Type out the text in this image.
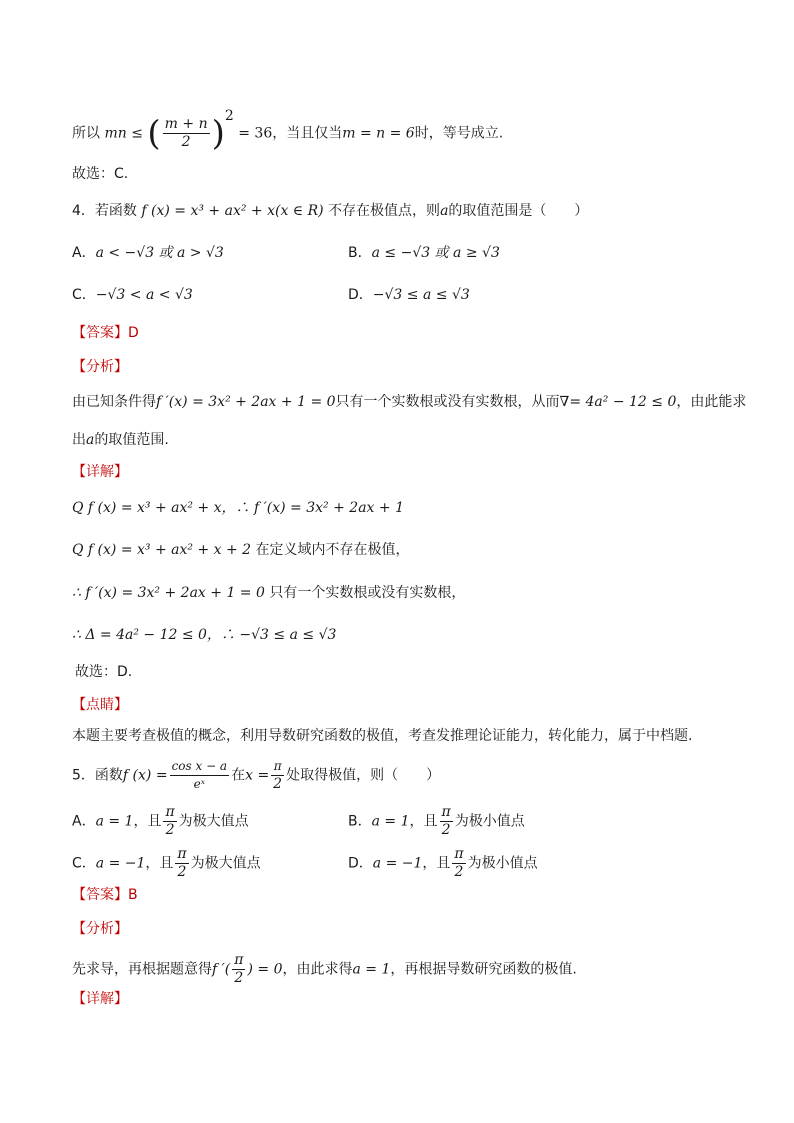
所以 mn ≤ ( $\frac{m + n}{2} )^2 = 36$，当且仅当m = n = 6时，等号成立.
故选：C.
4．若函数 f (x) = x³ + ax² + x(x ∈ R) 不存在极值点，则a的取值范围是（　　）
A．a < −√3 或 a > √3	B．a ≤ −√3 或 a ≥ √3
C．−√3 < a < √3	D．−√3 ≤ a ≤ √3
【答案】D
【分析】
由已知条件得f ′(x) = 3x² + 2ax + 1 = 0只有一个实数根或没有实数根，从而∇= 4a² − 12 ≤ 0，由此能求
出a的取值范围.
【详解】
Q f (x) = x³ + ax² + x，∴ f ′(x) = 3x² + 2ax + 1
Q f (x) = x³ + ax² + x + 2 在定义域内不存在极值，
∴ f ′(x) = 3x² + 2ax + 1 = 0 只有一个实数根或没有实数根，
∴ Δ = 4a² − 12 ≤ 0，∴ −√3 ≤ a ≤ √3
故选：D.
【点睛】
本题主要考查极值的概念，利用导数研究函数的极值，考查发推理论证能力，转化能力，属于中档题.
5．函数f $(x) = \frac{\text{cos x − a}}{\text{eˣ}}$ 在$x = \frac{\pi}{2}$ 处取得极值，则（　　）
A．a = 1，且 $\frac{\pi}{2}$ 为极大值点	B．a = 1，且 $\frac{\pi}{2}$ 为极小值点
C．a = −1，且 $\frac{\pi}{2}$ 为极大值点	D．a = −1，且 $\frac{\pi}{2}$ 为极小值点
【答案】B
【分析】
先求导，再根据题意得f ′( $\frac{\pi}{2}$ ) = 0，由此求得a = 1，再根据导数研究函数的极值.
【详解】
